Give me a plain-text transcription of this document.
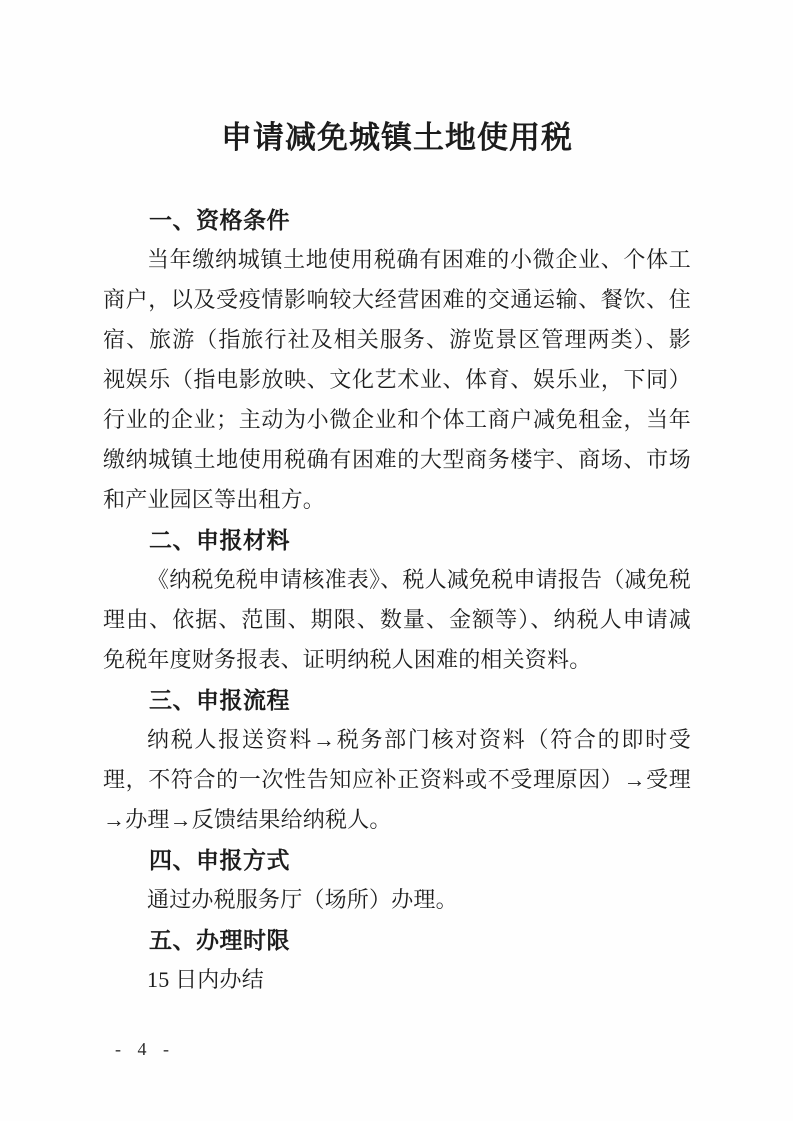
申请减免城镇土地使用税
一、资格条件

当年缴纳城镇土地使用税确有困难的小微企业、个体工商户，以及受疫情影响较大经营困难的交通运输、餐饮、住宿、旅游（指旅行社及相关服务、游览景区管理两类）、影视娱乐（指电影放映、文化艺术业、体育、娱乐业，下同）行业的企业；主动为小微企业和个体工商户减免租金，当年缴纳城镇土地使用税确有困难的大型商务楼宇、商场、市场和产业园区等出租方。

二、申报材料

《纳税免税申请核准表》、税人减免税申请报告（减免税理由、依据、范围、期限、数量、金额等）、纳税人申请减免税年度财务报表、证明纳税人困难的相关资料。

三、申报流程

纳税人报送资料→税务部门核对资料（符合的即时受理，不符合的一次性告知应补正资料或不受理原因）→受理→办理→反馈结果给纳税人。

四、申报方式

通过办税服务厅（场所）办理。

五、办理时限

15 日内办结

- 4 -
